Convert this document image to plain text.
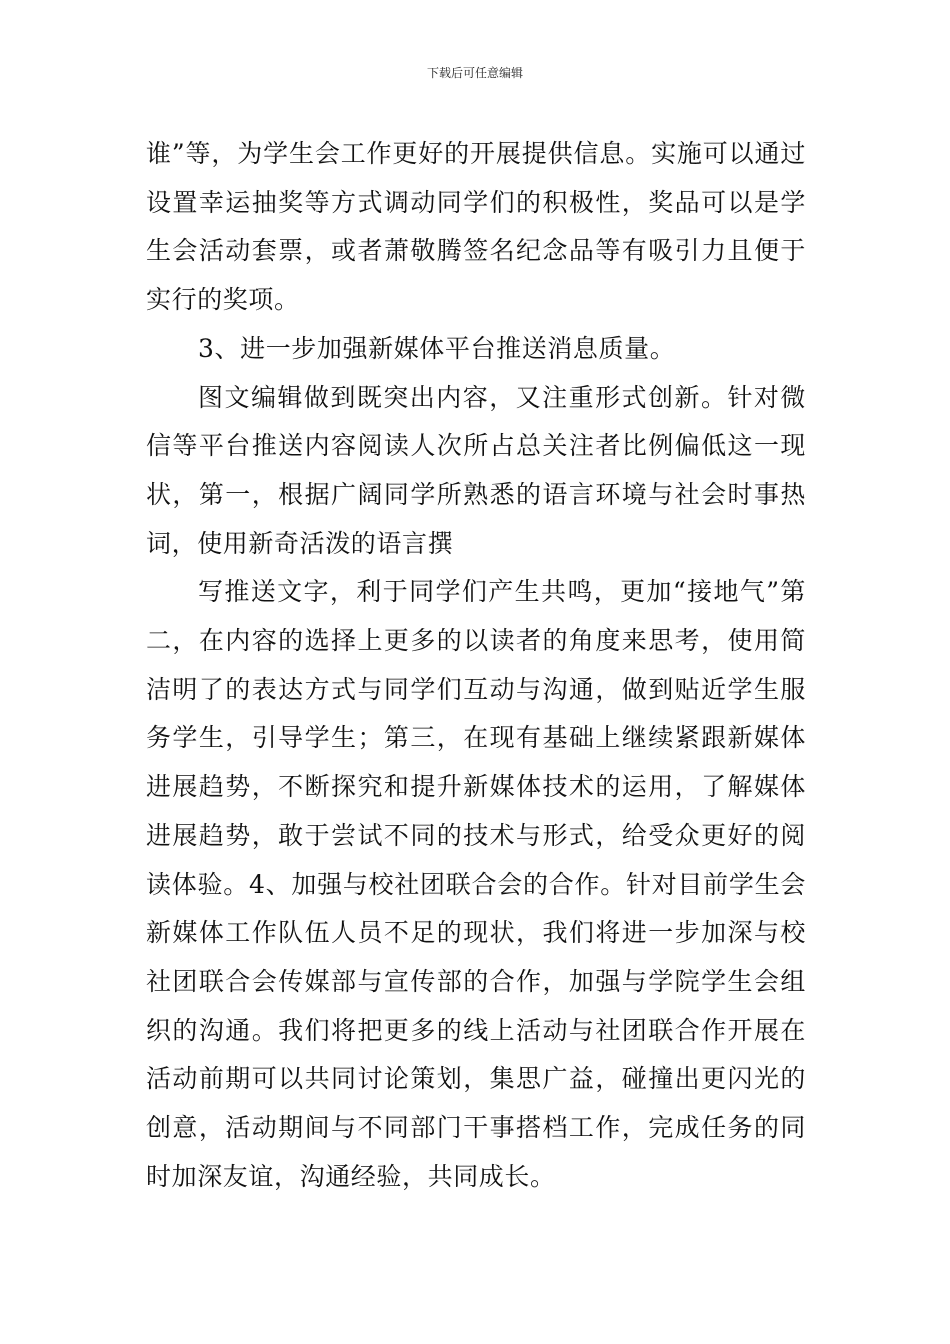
下载后可任意编辑

谁”等，为学生会工作更好的开展提供信息。实施可以通过设置幸运抽奖等方式调动同学们的积极性，奖品可以是学生会活动套票，或者萧敬腾签名纪念品等有吸引力且便于实行的奖项。

3、进一步加强新媒体平台推送消息质量。

图文编辑做到既突出内容，又注重形式创新。针对微信等平台推送内容阅读人次所占总关注者比例偏低这一现状，第一，根据广阔同学所熟悉的语言环境与社会时事热词，使用新奇活泼的语言撰

写推送文字，利于同学们产生共鸣，更加“接地气”第二，在内容的选择上更多的以读者的角度来思考，使用简洁明了的表达方式与同学们互动与沟通，做到贴近学生服务学生，引导学生；第三，在现有基础上继续紧跟新媒体进展趋势，不断探究和提升新媒体技术的运用，了解媒体进展趋势，敢于尝试不同的技术与形式，给受众更好的阅读体验。4、加强与校社团联合会的合作。针对目前学生会新媒体工作队伍人员不足的现状，我们将进一步加深与校社团联合会传媒部与宣传部的合作，加强与学院学生会组织的沟通。我们将把更多的线上活动与社团联合作开展在活动前期可以共同讨论策划，集思广益，碰撞出更闪光的创意，活动期间与不同部门干事搭档工作，完成任务的同时加深友谊，沟通经验，共同成长。
